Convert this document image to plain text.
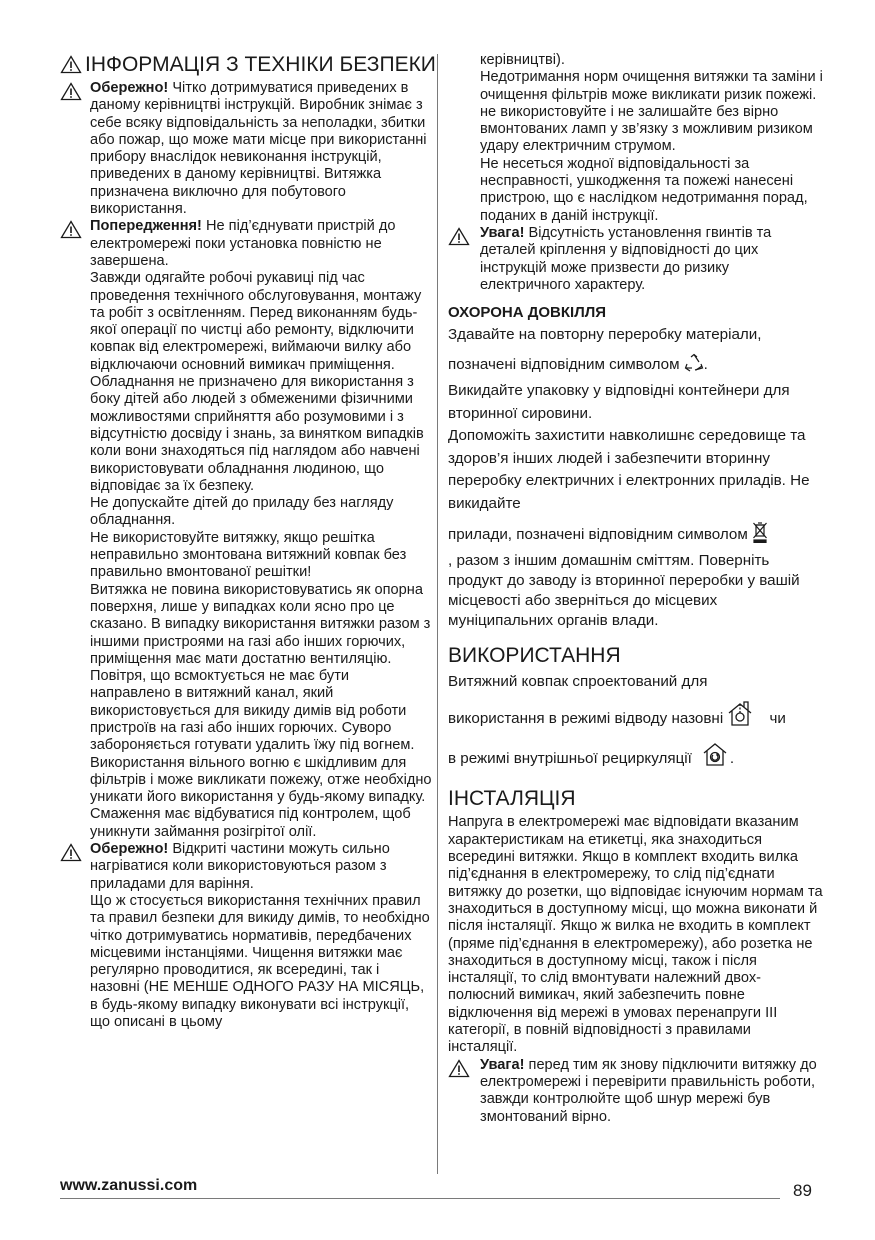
ІНФОРМАЦІЯ З ТЕХНІКИ БЕЗПЕКИ
Обережно! Чітко дотримуватися приведених в даному керівництві інструкцій. Виробник знімає з себе всяку відповідальність за неполадки, збитки або пожар, що може мати місце при використанні прибору внаслідок невиконання інструкцій, приведених в даному керівництві. Витяжка призначена виключно для побутового використання.
Попередження! Не під’єднувати пристрій до електромережі поки установка повністю не завершена.
Завжди одягайте робочі рукавиці під час проведення технічного обслуговування, монтажу та робіт з освітленням. Перед виконанням будь-якої операції по чистці або ремонту, відключити ковпак від електромережі, виймаючи вилку або відключаючи основний вимикач приміщення. Обладнання не призначено для використання з боку дітей або людей з обмеженими фізичними можливостями сприйняття або розумовими і з відсутністю досвіду і знань, за винятком випадків коли вони знаходяться під наглядом або навчені використовувати обладнання людиною, що відповідає за їх безпеку.
Не допускайте дітей до приладу без нагляду обладнання.
Не використовуйте витяжку, якщо решітка неправильно змонтована витяжний ковпак без правильно вмонтованої решітки!
Витяжка не повина використовуватись як опорна поверхня, лише у випадках коли ясно про це сказано. В випадку використання витяжки разом з іншими пристроями на газі або інших горючих, приміщення має мати достатню вентиляцію. Повітря, що всмоктується не має бути направлено в витяжний канал, який використовується для викиду димів від роботи пристроїв на газі або інших горючих. Суворо забороняється готувати удалить їжу під вогнем.
Використання вільного вогню є шкідливим для фільтрів і може викликати пожежу, отже необхідно уникати його використання у будь-якому випадку.
Смаження має відбуватися під контролем, щоб уникнути займання розігрітої олії.
Обережно! Відкриті частини можуть сильно нагріватися коли використовуються разом з приладами для варіння.
Що ж стосується використання технічних правил та правил безпеки для викиду димів, то необхідно чітко дотримуватись нормативів, передбачених місцевими інстанціями. Чищення витяжки має регулярно проводитися, як всередині, так і назовні (НЕ МЕНШЕ ОДНОГО РАЗУ НА МІСЯЦЬ, в будь-якому випадку виконувати всі інструкції, що описані в цьому
керівництві).
Недотримання норм очищення витяжки та заміни і очищення фільтрів може викликати ризик пожежі.
не використовуйте і не залишайте без вірно вмонтованих ламп у зв’язку з можливим ризиком удару електричним струмом.
Не несеться жодної відповідальності за несправності, ушкодження та пожежі нанесені пристрою, що є наслідком недотримання порад, поданих в даній інструкції.
Увага! Відсутність установлення гвинтів та деталей кріплення у відповідності до цих інструкцій може призвести до ризику електричного характеру.
ОХОРОНА ДОВКІЛЛЯ
Здавайте на повторну переробку матеріали,
позначені відповідним символом .
Викидайте упаковку у відповідні контейнери для вторинної сировини.
Допоможіть захистити навколишнє середовище та здоров’я інших людей і забезпечити вторинну переробку електричних і електронних приладів. Не викидайте
прилади, позначені відповідним символом
, разом з іншим домашнім сміттям. Поверніть продукт до заводу із вторинної переробки у вашій місцевості або зверніться до місцевих муніципальних органів влади.
ВИКОРИСТАННЯ
Витяжний ковпак спроектований для
використання в режимі відводу назовні	чи
в режимі внутрішньої рециркуляції	.
ІНСТАЛЯЦІЯ
Напруга в електромережі має відповідати вказаним характеристикам на етикетці, яка знаходиться всередині витяжки. Якщо в комплект входить вилка під’єднання в електромережу, то слід під’єднати витяжку до розетки, що відповідає існуючим нормам та знаходиться в доступному місці, що можна виконати й після інсталяції. Якщо ж вилка не входить в комплект (пряме під’єднання в електромережу), або розетка не знаходиться в доступному місці, також і після інсталяції, то слід вмонтувати належний двох-полюсний вимикач, який забезпечить повне відключення від мережі в умовах перенапруги III категорії, в повній відповідності з правилами інсталяції.
Увага! перед тим як знову підключити витяжку до електромережі і перевірити правильність роботи, завжди контролюйте щоб шнур мережі був змонтований вірно.
www.zanussi.com	89
